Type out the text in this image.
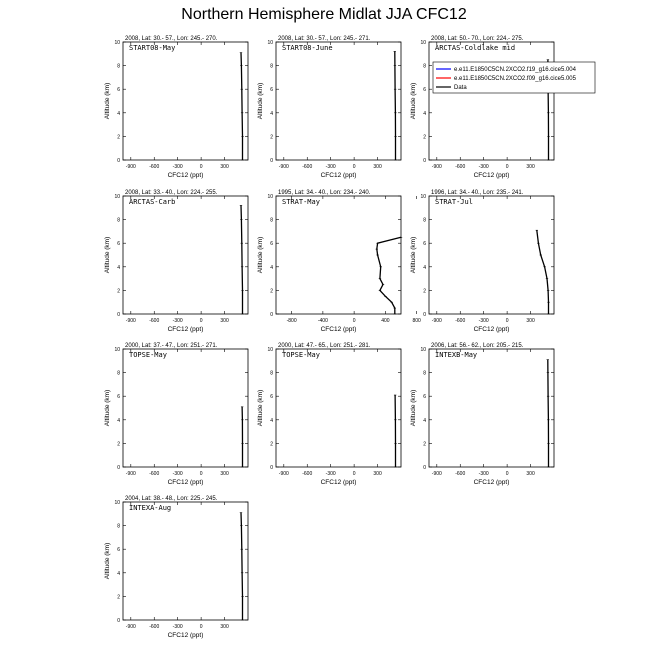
Northern Hemisphere Midlat JJA CFC12
-900	-600	-300	0	300
0
2
4
6
8
10
CFC12 (ppt)
Altitude (km)
2008, Lat: 30.- 57., Lon: 245.- 270.
START08-May
-900	-600	-300	0	300
0
2
4
6
8
10
CFC12 (ppt)
Altitude (km)
2008, Lat: 30.- 57., Lon: 245.- 271.
START08-June
-900	-600	-300	0	300
0
2
4
6
8
10
CFC12 (ppt)
Altitude (km)
2008, Lat: 50.- 70., Lon: 224.- 275.
ARCTAS-Coldlake mid
-900	-600	-300	0	300
0
2
4
6
8
10
CFC12 (ppt)
Altitude (km)
2008, Lat: 33.- 40., Lon: 224.- 255.
ARCTAS-Carb
-800	-400	0	400	800
0
2
4
6
8
10
CFC12 (ppt)
Altitude (km)
1995, Lat: 34.- 40., Lon: 234.- 240.
STRAT-May
-900	-600	-300	0	300
0
2
4
6
8
10
CFC12 (ppt)
Altitude (km)
1996, Lat: 34.- 40., Lon: 235.- 241.
STRAT-Jul
-900	-600	-300	0	300
0
2
4
6
8
10
CFC12 (ppt)
Altitude (km)
2000, Lat: 37.- 47., Lon: 251.- 271.
TOPSE-May
-900	-600	-300	0	300
0
2
4
6
8
10
CFC12 (ppt)
Altitude (km)
2000, Lat: 47.- 65., Lon: 251.- 281.
TOPSE-May
-900	-600	-300	0	300
0
2
4
6
8
10
CFC12 (ppt)
Altitude (km)
2006, Lat: 56.- 62., Lon: 205.- 215.
INTEXB-May
-900	-600	-300	0	300
0
2
4
6
8
10
CFC12 (ppt)
Altitude (km)
2004, Lat: 38.- 48., Lon: 225.- 245.
INTEXA-Aug
e.e11.E1850C5CN.2XCO2.f19_g16.cice5.004
e.e11.E1850C5CN.2XCO2.f09_g16.cice5.005
Data
